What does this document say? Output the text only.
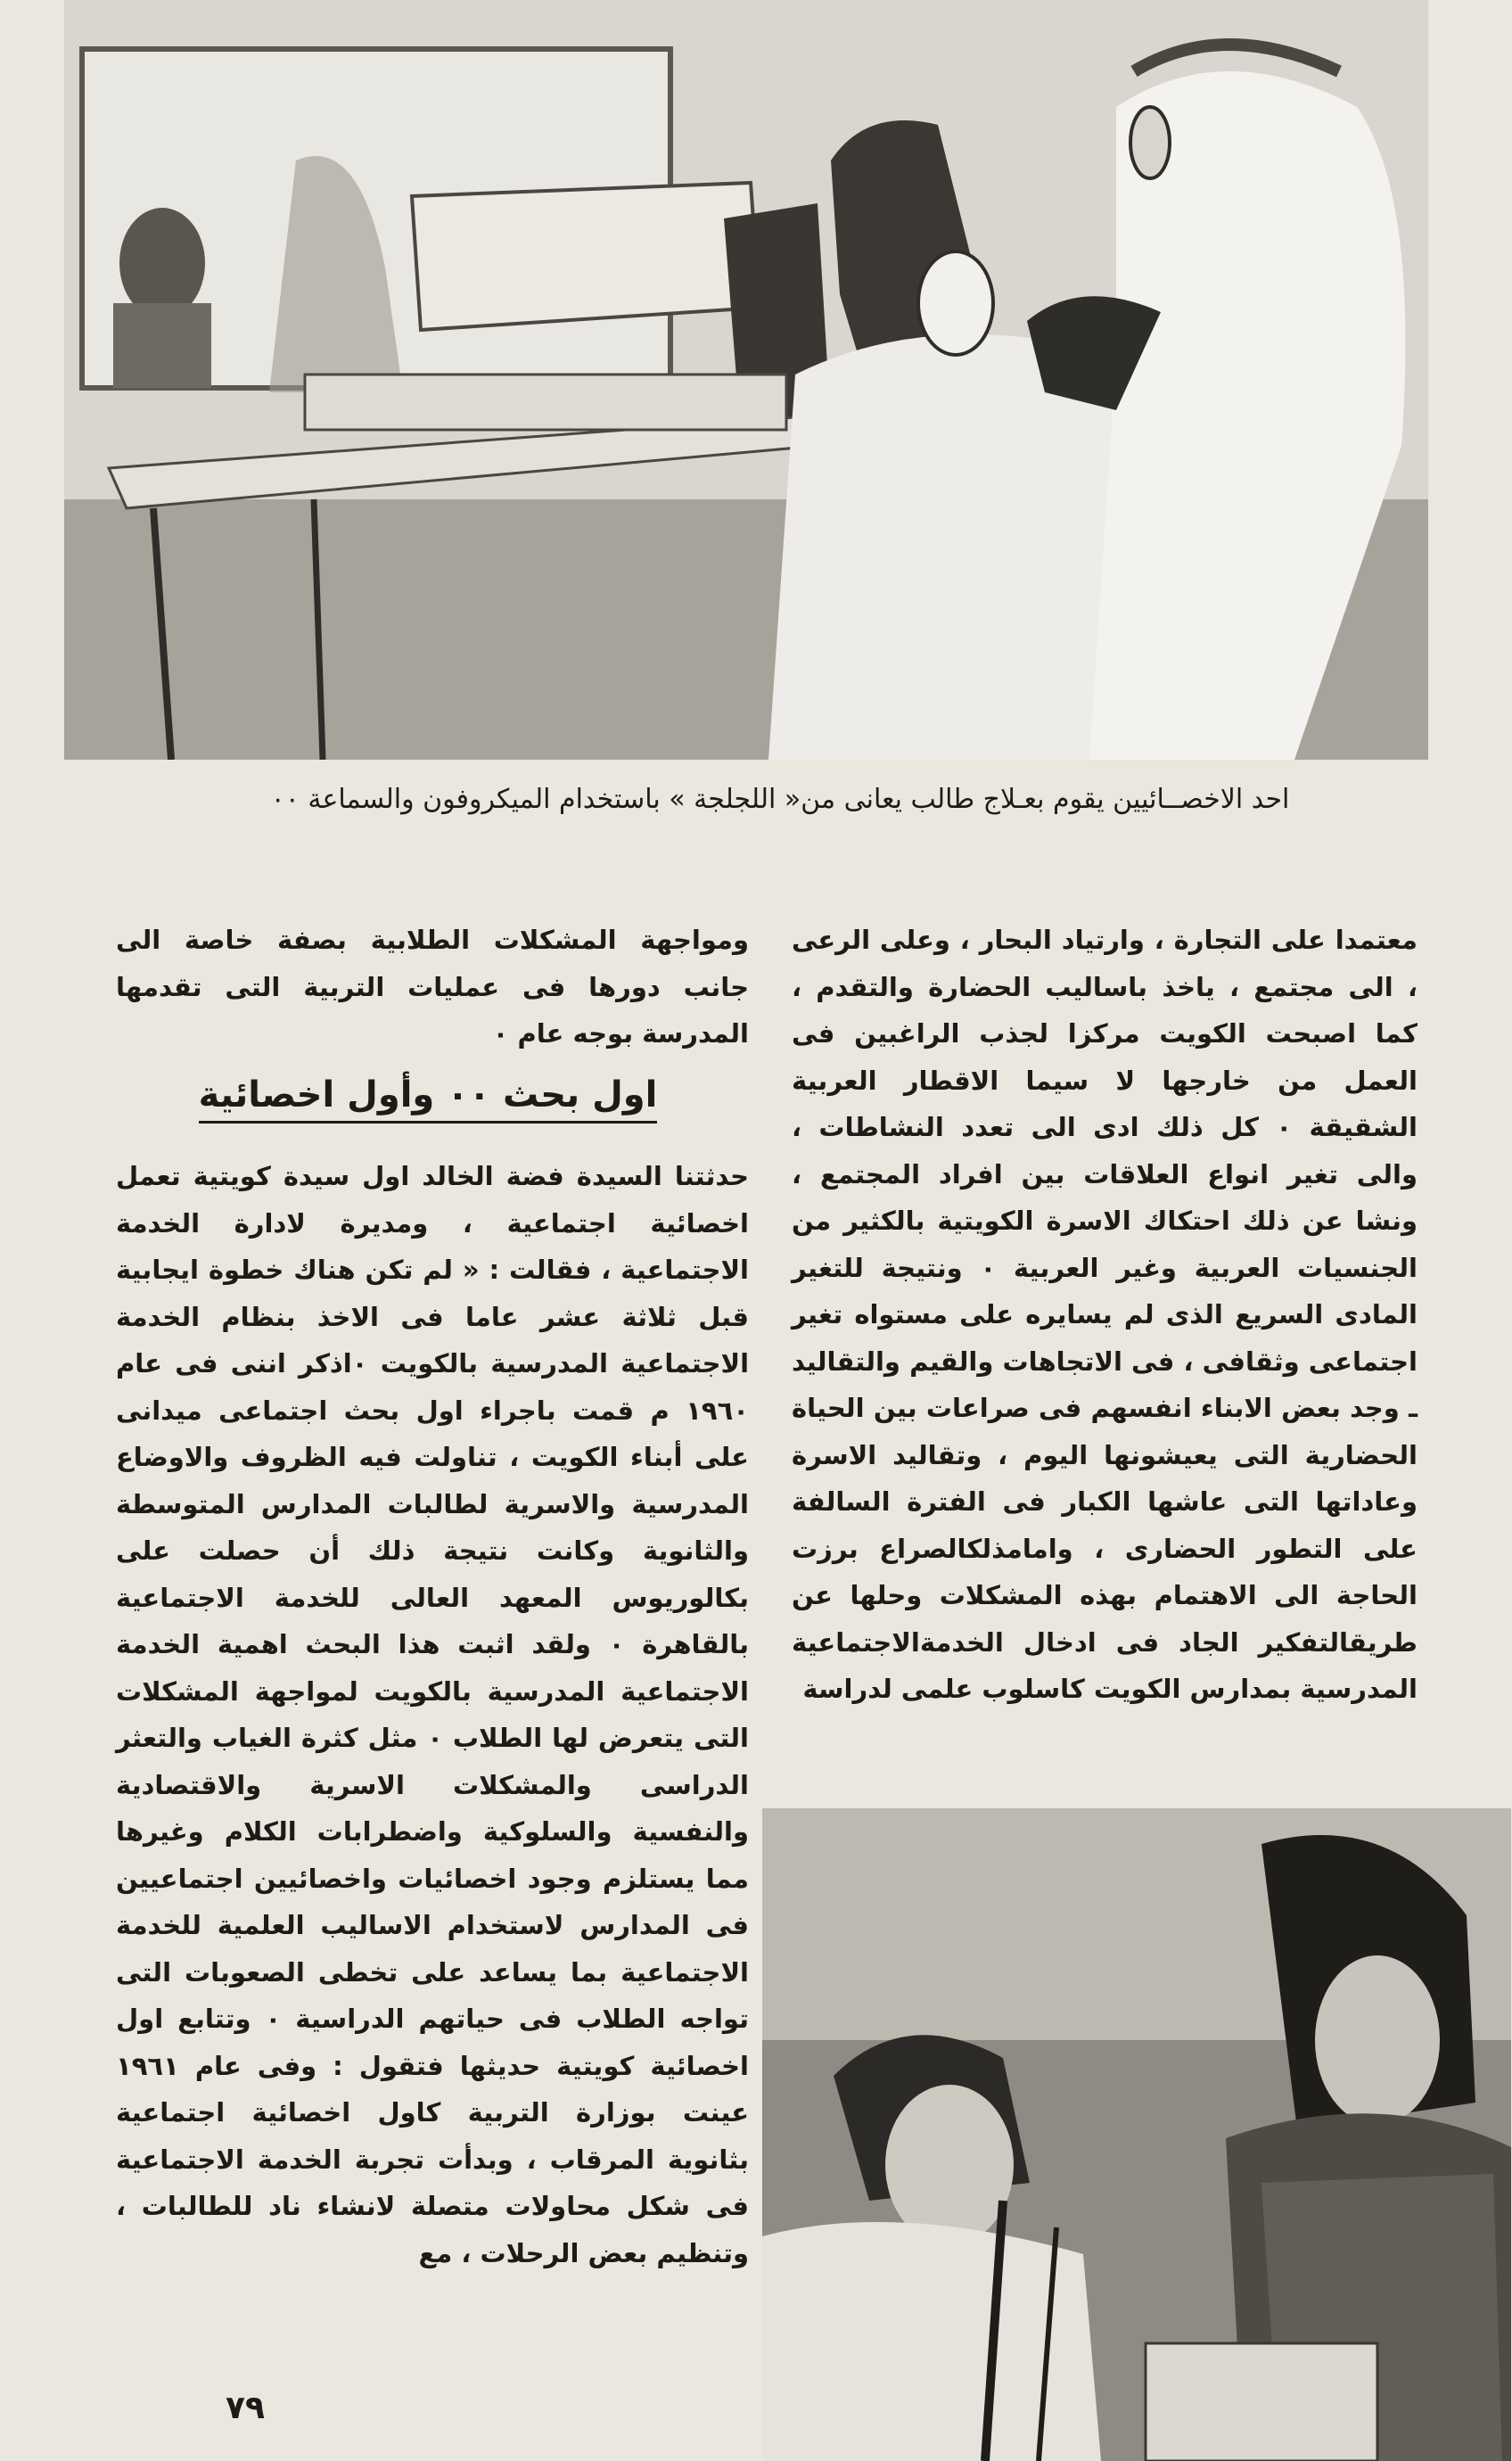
احد الاخصــائيين يقوم بعـلاج طالب يعانى من« اللجلجة » باستخدام الميكروفون والسماعة ٠٠

معتمدا على التجارة ، وارتياد البحار ، وعلى الرعى ، الى مجتمع ، ياخذ باساليب الحضارة والتقدم ، كما اصبحت الكويت مركزا لجذب الراغبين فى العمل من خارجها لا سيما الاقطار العربية الشقيقة ٠ كل ذلك ادى الى تعدد النشاطات ، والى تغير انواع العلاقات بين افراد المجتمع ، ونشا عن ذلك احتكاك الاسرة الكويتية بالكثير من الجنسيات العربية وغير العربية ٠ ونتيجة للتغير المادى السريع الذى لم يسايره على مستواه تغير اجتماعى وثقافى ، فى الاتجاهات والقيم والتقاليد ـ وجد بعض الابناء انفسهم فى صراعات بين الحياة الحضارية التى يعيشونها اليوم ، وتقاليد الاسرة وعاداتها التى عاشها الكبار فى الفترة السالفة على التطور الحضارى ، وامامذلكالصراع برزت الحاجة الى الاهتمام بهذه المشكلات وحلها عن طريقالتفكير الجاد فى ادخال الخدمةالاجتماعية المدرسية بمدارس الكويت كاسلوب علمى لدراسة

ومواجهة المشكلات الطلابية بصفة خاصة الى جانب دورها فى عمليات التربية التى تقدمها المدرسة بوجه عام ٠

اول بحث ٠٠ وأول اخصائية

حدثتنا السيدة فضة الخالد اول سيدة كويتية تعمل اخصائية اجتماعية ، ومديرة لادارة الخدمة الاجتماعية ، فقالت : « لم تكن هناك خطوة ايجابية قبل ثلاثة عشر عاما فى الاخذ بنظام الخدمة الاجتماعية المدرسية بالكويت ٠اذكر اننى فى عام ١٩٦٠ م قمت باجراء اول بحث اجتماعى ميدانى على أبناء الكويت ، تناولت فيه الظروف والاوضاع المدرسية والاسرية لطالبات المدارس المتوسطة والثانوية وكانت نتيجة ذلك أن حصلت على بكالوريوس المعهد العالى للخدمة الاجتماعية بالقاهرة ٠ ولقد اثبت هذا البحث اهمية الخدمة الاجتماعية المدرسية بالكويت لمواجهة المشكلات التى يتعرض لها الطلاب ٠ مثل كثرة الغياب والتعثر الدراسى والمشكلات الاسرية والاقتصادية والنفسية والسلوكية واضطرابات الكلام وغيرها مما يستلزم وجود اخصائيات واخصائيين اجتماعيين فى المدارس لاستخدام الاساليب العلمية للخدمة الاجتماعية بما يساعد على تخطى الصعوبات التى تواجه الطلاب فى حياتهم الدراسية ٠ وتتابع اول اخصائية كويتية حديثها فتقول : وفى عام ١٩٦١ عينت بوزارة التربية كاول اخصائية اجتماعية بثانوية المرقاب ، وبدأت تجربة الخدمة الاجتماعية فى شكل محاولات متصلة لانشاء ناد للطالبات ، وتنظيم بعض الرحلات ، مع

٧٩
